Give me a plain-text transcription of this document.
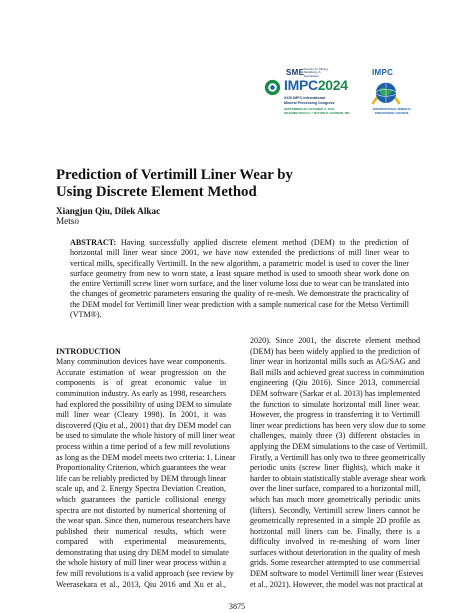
SME Society for Mining, Metallurgy & Exploration
IMPC2024
XXXI IMPC-International
Mineral Processing Congress
SEPTEMBER 29–OCTOBER 3, 2024
WASHINGTON D.C. / NATIONAL HARBOR, MD
IMPC
INTERNATIONAL MINERAL
PROCESSING COUNCIL
Prediction of Vertimill Liner Wear by
Using Discrete Element Method
Xiangjun Qiu, Dilek Alkac
Metso
ABSTRACT: Having successfully applied discrete element method (DEM) to the prediction of horizontal mill liner wear since 2001, we have now extended the predictions of mill liner wear to vertical mills, specifically Vertimill. In the new algorithm, a parametric model is used to cover the liner surface geometry from new to worn state, a least square method is used to smooth shear work done on the entire Vertimill screw liner worn surface, and the liner volume loss due to wear can be translated into the changes of geometric parameters ensuring the quality of re-mesh. We demonstrate the practicality of the DEM model for Vertimill liner wear prediction with a sample numerical case for the Metso Vertimill (VTM®).
INTRODUCTION
Many comminution devices have wear components.
Accurate estimation of wear progression on the
components is of great economic value in
comminution industry. As early as 1998, researchers
had explored the possibility of using DEM to simulate
mill liner wear (Cleary 1998). In 2001, it was
discovered (Qiu et al., 2001) that dry DEM model can
be used to simulate the whole history of mill liner wear
process within a time period of a few mill revolutions
as long as the DEM model meets two criteria: 1. Linear
Proportionality Criterion, which guarantees the wear
life can be reliably predicted by DEM through linear
scale up, and 2. Energy Spectra Deviation Creation,
which guarantees the particle collisional energy
spectra are not distorted by numerical shortening of
the wear span. Since then, numerous researchers have
published their numerical results, which were
compared with experimental measurements,
demonstrating that using dry DEM model to simulate
the whole history of mill liner wear process within a
few mill revolutions is a valid approach (see review by
Weerasekara et al., 2013, Qiu 2016 and Xu et al.,
2020). Since 2001, the discrete element method
(DEM) has been widely applied to the prediction of
liner wear in horizontal mills such as AG/SAG and
Ball mills and achieved great success in comminution
engineering (Qiu 2016). Since 2013, commercial
DEM software (Sarkar et al. 2013) has implemented
the function to simulate horizontal mill liner wear.
However, the progress in transferring it to Vertimill
liner wear predictions has been very slow due to some
challenges, mainly three (3) different obstacles in
applying the DEM simulations to the case of Vertimill.
Firstly, a Vertimill has only two to three geometrically
periodic units (screw liner flights), which make it
harder to obtain statistically stable average shear work
over the liner surface, compared to a horizontal mill,
which has much more geometrically periodic units
(lifters). Secondly, Vertimill screw liners cannot be
geometrically represented in a simple 2D profile as
horizontal mill liners can be. Finally, there is a
difficulty involved in re-meshing of worn liner
surfaces without deterioration in the quality of mesh
grids. Some researcher attempted to use commercial
DEM software to model Vertimill liner wear (Esteves
et al., 2021). However, the model was not practical at
3875
